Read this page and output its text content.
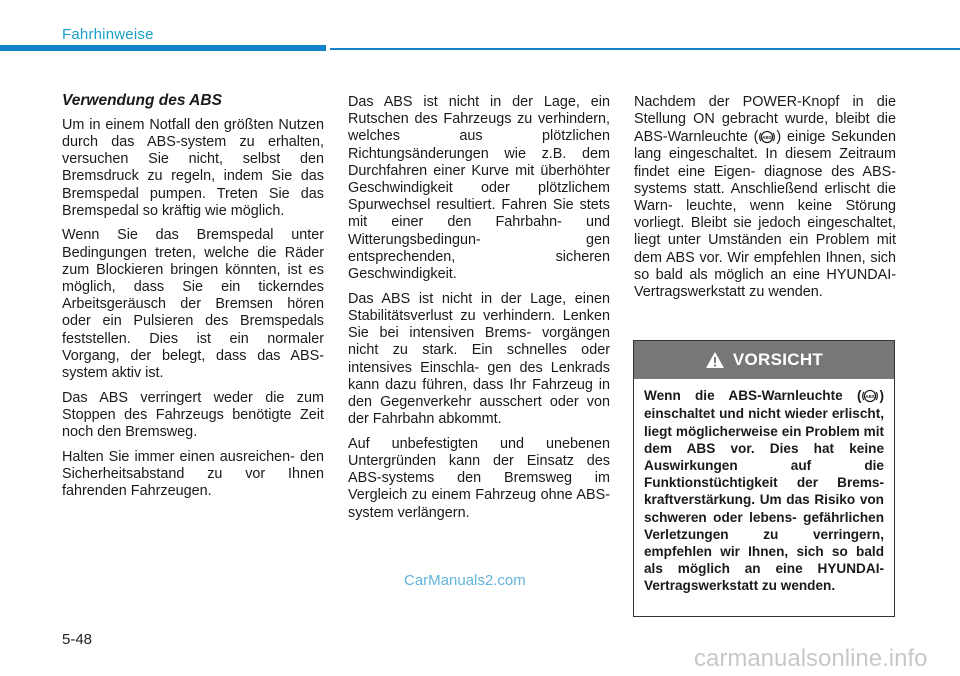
Fahrhinweise

Verwendung des ABS

Um in einem Notfall den größten Nutzen durch das ABS-system zu erhalten, versuchen Sie nicht, selbst den Bremsdruck zu regeln, indem Sie das Bremspedal pumpen. Treten Sie das Bremspedal so kräftig wie möglich.

Wenn Sie das Bremspedal unter Bedingungen treten, welche die Räder zum Blockieren bringen könnten, ist es möglich, dass Sie ein tickerndes Arbeitsgeräusch der Bremsen hören oder ein Pulsieren des Bremspedals feststellen. Dies ist ein normaler Vorgang, der belegt, dass das ABS-system aktiv ist.

Das ABS verringert weder die zum Stoppen des Fahrzeugs benötigte Zeit noch den Bremsweg.

Halten Sie immer einen ausreichen- den Sicherheitsabstand zu vor Ihnen fahrenden Fahrzeugen.

Das ABS ist nicht in der Lage, ein Rutschen des Fahrzeugs zu verhindern, welches aus plötzlichen Richtungsänderungen wie z.B. dem Durchfahren einer Kurve mit überhöhter Geschwindigkeit oder plötzlichem Spurwechsel resultiert. Fahren Sie stets mit einer den Fahrbahn- und Witterungsbedingun- gen entsprechenden, sicheren Geschwindigkeit.

Das ABS ist nicht in der Lage, einen Stabilitätsverlust zu verhindern. Lenken Sie bei intensiven Brems- vorgängen nicht zu stark. Ein schnelles oder intensives Einschla- gen des Lenkrads kann dazu führen, dass Ihr Fahrzeug in den Gegenverkehr ausschert oder von der Fahrbahn abkommt.

Auf unbefestigten und unebenen Untergründen kann der Einsatz des ABS-systems den Bremsweg im Vergleich zu einem Fahrzeug ohne ABS-system verlängern.

Nachdem der POWER-Knopf in die Stellung ON gebracht wurde, bleibt die ABS-Warnleuchte ( ABS ) einige Sekunden lang eingeschaltet. In diesem Zeitraum findet eine Eigen- diagnose des ABS-systems statt. Anschließend erlischt die Warn- leuchte, wenn keine Störung vorliegt. Bleibt sie jedoch eingeschaltet, liegt unter Umständen ein Problem mit dem ABS vor. Wir empfehlen Ihnen, sich so bald als möglich an eine HYUNDAI-Vertragswerkstatt zu wenden.

VORSICHT
Wenn die ABS-Warnleuchte ( ABS ) einschaltet und nicht wieder erlischt, liegt möglicherweise ein Problem mit dem ABS vor. Dies hat keine Auswirkungen auf die Funktionstüchtigkeit der Brems- kraftverstärkung. Um das Risiko von schweren oder lebens- gefährlichen Verletzungen zu verringern, empfehlen wir Ihnen, sich so bald als möglich an eine HYUNDAI-Vertragswerkstatt zu wenden.
CarManuals2.com
5-48
carmanualsonline.info
